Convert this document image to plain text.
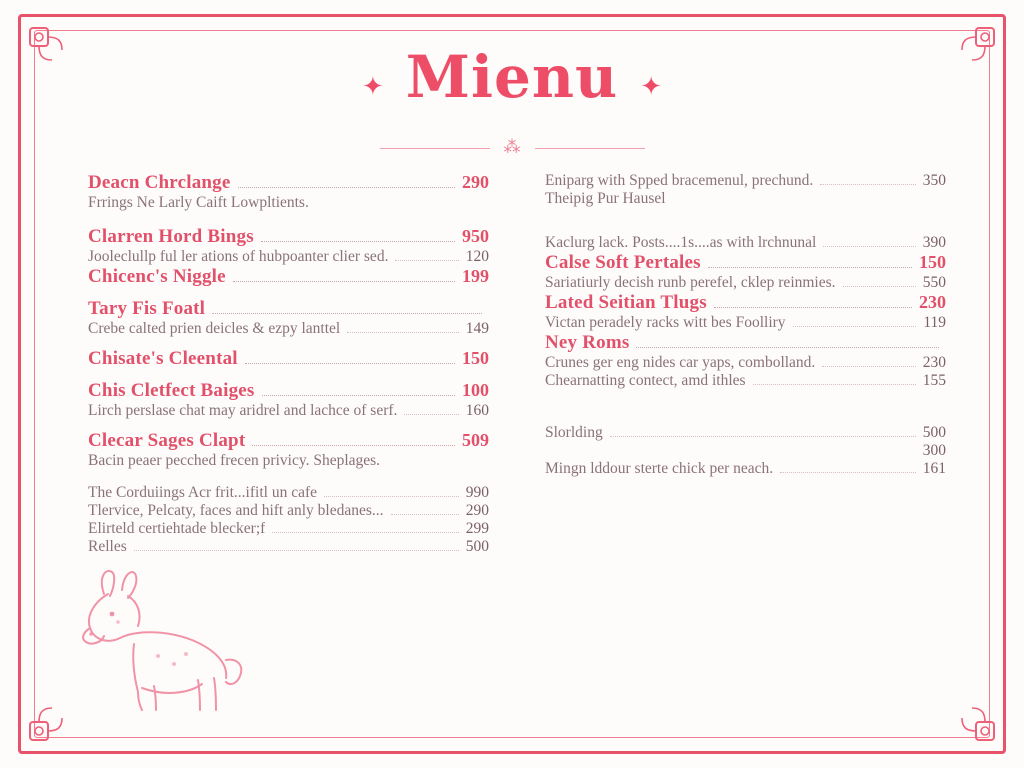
✦ Mienu ✦
⁂
Deacn Chrclange	290
Frrings Ne Larly Caift Lowpltients.
Clarren Hord Bings	950
Jooleclullp ful ler ations of hubpoanter clier sed.	120
Chicenc's Niggle	199
Tary Fis Foatl
Crebe calted prien deicles & ezpy lanttel	149
Chisate's Cleental	150
Chis Cletfect Baiges	100
Lirch perslase chat may aridrel and lachce of serf.	160
Clecar Sages Clapt	509
Bacin peaer pecched frecen privicy. Sheplages.
The Corduiings Acr frit...ifitl un cafe	990
Tlervice, Pelcaty, faces and hift anly bledanes...	290
Elirteld certiehtade blecker;f	299
Relles	500
Eniparg with Spped bracemenul, prechund.	350
Theipig Pur Hausel
Kaclurg lack. Posts....1s....as with lrchnunal	390
Calse Soft Pertales	150
Sariatiurly decish runb perefel, cklep reinmies.	550
Lated Seitian Tlugs	230
Victan peradely racks witt bes Foolliry	119
Ney Roms
Crunes ger eng nides car yaps, combolland.	230
Chearnatting contect, amd ithles	155
Slorlding	500
300
Mingn lddour sterte chick per neach.	161
